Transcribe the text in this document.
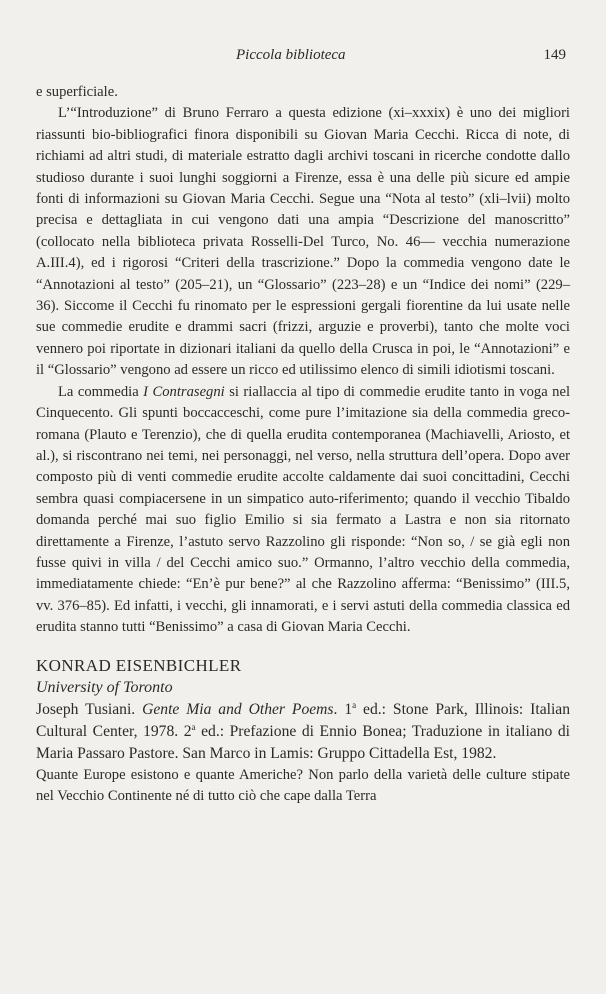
Piccola biblioteca	149

e superficiale.

L’“Introduzione” di Bruno Ferraro a questa edizione (xi–xxxix) è uno dei migliori riassunti bio-bibliografici finora disponibili su Giovan Maria Cecchi. Ricca di note, di richiami ad altri studi, di materiale estratto dagli archivi toscani in ricerche condotte dallo studioso durante i suoi lunghi soggiorni a Firenze, essa è una delle più sicure ed ampie fonti di informazioni su Giovan Maria Cecchi. Segue una “Nota al testo” (xli–lvii) molto precisa e dettagliata in cui vengono dati una ampia “Descrizione del manoscritto” (collocato nella biblioteca privata Rosselli-Del Turco, No. 46— vecchia numerazione A.III.4), ed i rigorosi “Criteri della trascrizione.” Dopo la commedia vengono date le “Annotazioni al testo” (205–21), un “Glossario” (223–28) e un “Indice dei nomi” (229–36). Siccome il Cecchi fu rinomato per le espressioni gergali fiorentine da lui usate nelle sue commedie erudite e drammi sacri (frizzi, arguzie e proverbi), tanto che molte voci vennero poi riportate in dizionari italiani da quello della Crusca in poi, le “Annotazioni” e il “Glossario” vengono ad essere un ricco ed utilissimo elenco di simili idiotismi toscani.

La commedia I Contrasegni si riallaccia al tipo di commedie erudite tanto in voga nel Cinquecento. Gli spunti boccacceschi, come pure l’imitazione sia della commedia greco-romana (Plauto e Terenzio), che di quella erudita contemporanea (Machiavelli, Ariosto, et al.), si riscontrano nei temi, nei personaggi, nel verso, nella struttura dell’opera. Dopo aver composto più di venti commedie erudite accolte caldamente dai suoi concittadini, Cecchi sembra quasi compiacersene in un simpatico auto-riferimento; quando il vecchio Tibaldo domanda perché mai suo figlio Emilio si sia fermato a Lastra e non sia ritornato direttamente a Firenze, l’astuto servo Razzolino gli risponde: “Non so, / se già egli non fusse quivi in villa / del Cecchi amico suo.” Ormanno, l’altro vecchio della commedia, immediatamente chiede: “En’è pur bene?” al che Razzolino afferma: “Benissimo” (III.5, vv. 376–85). Ed infatti, i vecchi, gli innamorati, e i servi astuti della commedia classica ed erudita stanno tutti “Benissimo” a casa di Giovan Maria Cecchi.

KONRAD EISENBICHLER
University of Toronto

Joseph Tusiani. Gente Mia and Other Poems. 1$^a$ ed.: Stone Park, Illinois: Italian Cultural Center, 1978. 2$^a$ ed.: Prefazione di Ennio Bonea; Traduzione in italiano di Maria Passaro Pastore. San Marco in Lamis: Gruppo Cittadella Est, 1982.

Quante Europe esistono e quante Americhe? Non parlo della varietà delle culture stipate nel Vecchio Continente né di tutto ciò che cape dalla Terra
